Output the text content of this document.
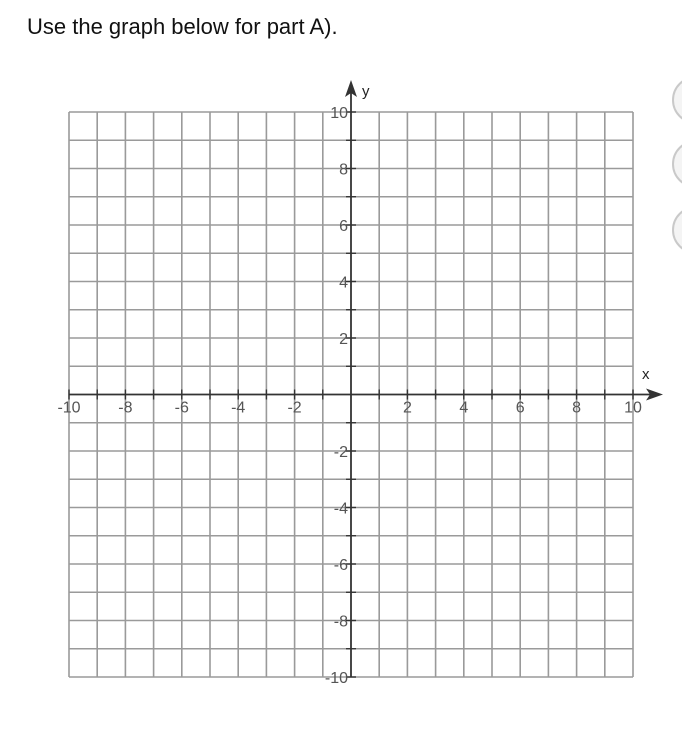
Use the graph below for part A).
-10 -8	-6	-4	-2	2	4	6	8	10
10
8
6
4
2
-2
-4
-6
-8
-10
x
y
